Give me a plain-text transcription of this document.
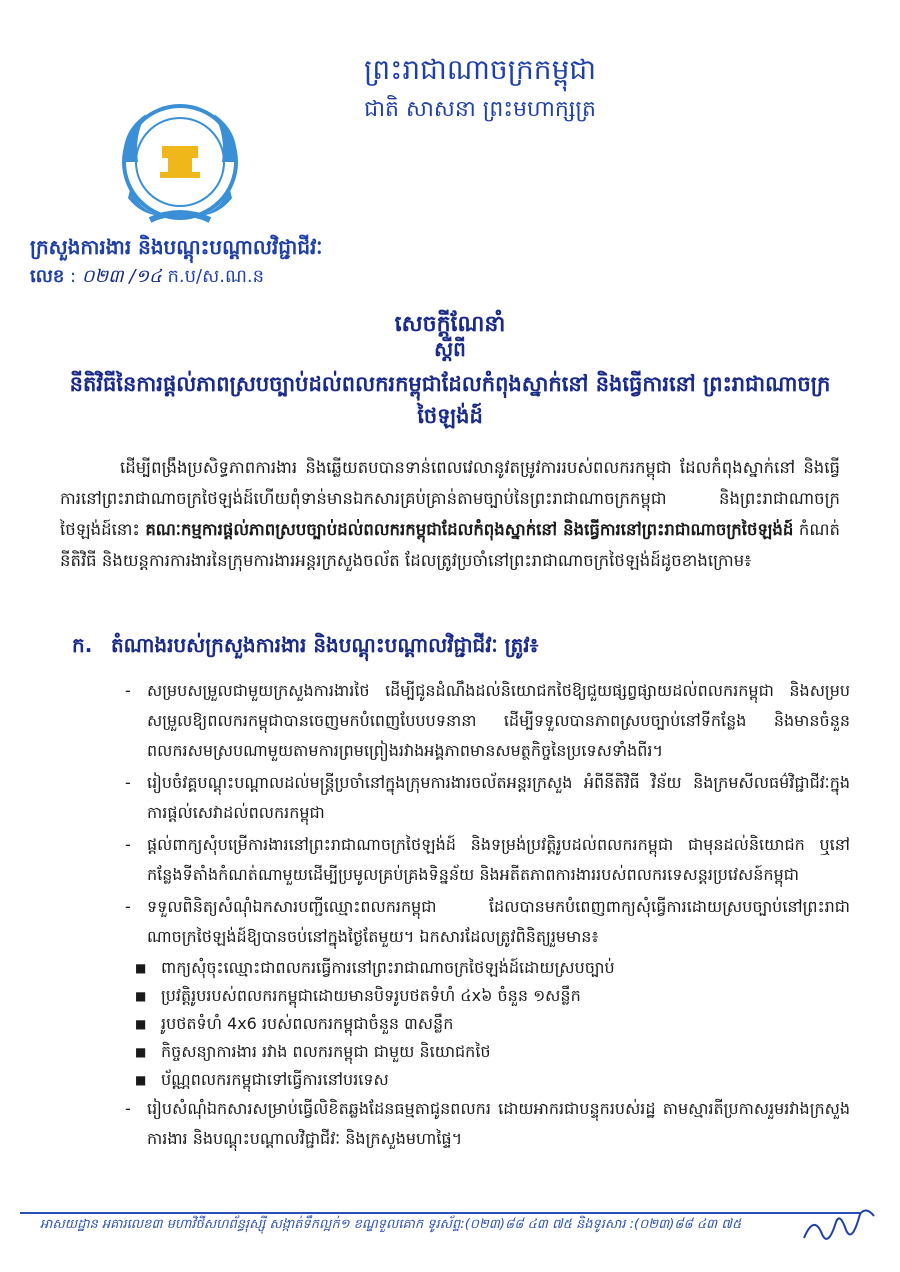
ព្រះរាជាណាចក្រកម្ពុជា
ជាតិ សាសនា ព្រះមហាក្សត្រ
ក្រសួងការងារ និងបណ្តុះបណ្តាលវិជ្ជាជីវៈ
លេខ : ០២៣ /១៤ ក.ប/ស.ណ.ន
សេចក្តីណែនាំ
ស្តីពី
នីតិវិធីនៃការផ្តល់ភាពស្របច្បាប់ដល់ពលករកម្ពុជាដែលកំពុងស្នាក់នៅ និងធ្វើការនៅ ព្រះរាជាណាចក្រថៃឡង់ដ៍
ដើម្បីពង្រឹងប្រសិទ្ធភាពការងារ និងឆ្លើយតបបានទាន់ពេលវេលានូវតម្រូវការរបស់ពលករកម្ពុជា ដែលកំពុងស្នាក់នៅ និងធ្វើការនៅព្រះរាជាណាចក្រថៃឡង់ដ៍ហើយពុំទាន់មានឯកសារគ្រប់គ្រាន់តាមច្បាប់នៃព្រះរាជាណាចក្រកម្ពុជា និងព្រះរាជាណាចក្រថៃឡង់ដ៍នោះ គណៈកម្មការផ្តល់ភាពស្របច្បាប់ដល់ពលករកម្ពុជាដែលកំពុងស្នាក់នៅ និងធ្វើការនៅព្រះរាជាណាចក្រថៃឡង់ដ៍ កំណត់នីតិវិធី និងយន្តការការងារនៃក្រុមការងារអន្តរក្រសួងចល័ត ដែលត្រូវប្រចាំនៅព្រះរាជាណាចក្រថៃឡង់ដ៍ដូចខាងក្រោម៖
ក. តំណាងរបស់ក្រសួងការងារ និងបណ្តុះបណ្តាលវិជ្ជាជីវៈ ត្រូវ៖
- សម្របសម្រួលជាមួយក្រសួងការងារថៃ ដើម្បីជូនដំណឹងដល់និយោជកថៃឱ្យជួយផ្សព្វផ្សាយដល់ពលករកម្ពុជា និងសម្របសម្រួលឱ្យពលករកម្ពុជាបានចេញមកបំពេញបែបបទនានា ដើម្បីទទួលបានភាពស្របច្បាប់នៅទីកន្លែង និងមានចំនួនពលករសមស្របណាមួយតាមការព្រមព្រៀងរវាងអង្គភាពមានសមត្ថកិច្ចនៃប្រទេសទាំងពីរ។
- រៀបចំវគ្គបណ្តុះបណ្តាលដល់មន្ត្រីប្រចាំនៅក្នុងក្រុមការងារចល័តអន្តរក្រសួង អំពីនីតិវិធី វិន័យ និងក្រមសីលធម៌វិជ្ជាជីវៈក្នុងការផ្តល់សេវាដល់ពលករកម្ពុជា
- ផ្តល់ពាក្យសុំបម្រើការងារនៅព្រះរាជាណាចក្រថៃឡង់ដ៍ និងទម្រង់ប្រវត្តិរូបដល់ពលករកម្ពុជា ជាមុនដល់និយោជក ឬនៅកន្លែងទីតាំងកំណត់ណាមួយដើម្បីប្រមូលគ្រប់គ្រងទិន្នន័យ និងអតីតភាពការងាររបស់ពលករទេសន្តរប្រវេសន៍កម្ពុជា
- ទទួលពិនិត្យសំណុំឯកសារបញ្ជីឈ្មោះពលករកម្ពុជា ដែលបានមកបំពេញពាក្យសុំធ្វើការដោយស្របច្បាប់នៅព្រះរាជាណាចក្រថៃឡង់ដ៍ឱ្យបានចប់នៅក្នុងថ្ងៃតែមួយ។ ឯកសារដែលត្រូវពិនិត្យរួមមាន៖
■ ពាក្យសុំចុះឈ្មោះជាពលករធ្វើការនៅព្រះរាជាណាចក្រថៃឡង់ដ៍ដោយស្របច្បាប់
■ ប្រវត្តិរូបរបស់ពលករកម្ពុជាដោយមានបិទរូបថតទំហំ ៤x៦ ចំនួន ១សន្លឹក
■ រូបថតទំហំ 4x6 របស់ពលករកម្ពុជាចំនួន ៣សន្លឹក
■ កិច្ចសន្យាការងារ រវាង ពលករកម្ពុជា ជាមួយ និយោជកថៃ
■ ប័ណ្ណពលករកម្ពុជាទៅធ្វើការនៅបរទេស
- រៀបសំណុំឯកសារសម្រាប់ធ្វើលិខិតឆ្លងដែនធម្មតាជូនពលករ ដោយអាករជាបន្ទុករបស់រដ្ឋ តាមស្មារតីប្រកាសរួមរវាងក្រសួងការងារ និងបណ្តុះបណ្តាលវិជ្ជាជីវៈ និងក្រសួងមហាផ្ទៃ។
អាសយដ្ឋាន អគារលេខ៣ មហាវិថីសហព័ន្ធរុស្ស៊ី សង្កាត់ទឹកល្អក់១ ខណ្ឌទួលគោក ទូរស័ព្ទ:(០២៣)៨៨ ៤៣ ៧៥ និងទូរសារ :(០២៣)៨៨ ៤៣ ៧៥
